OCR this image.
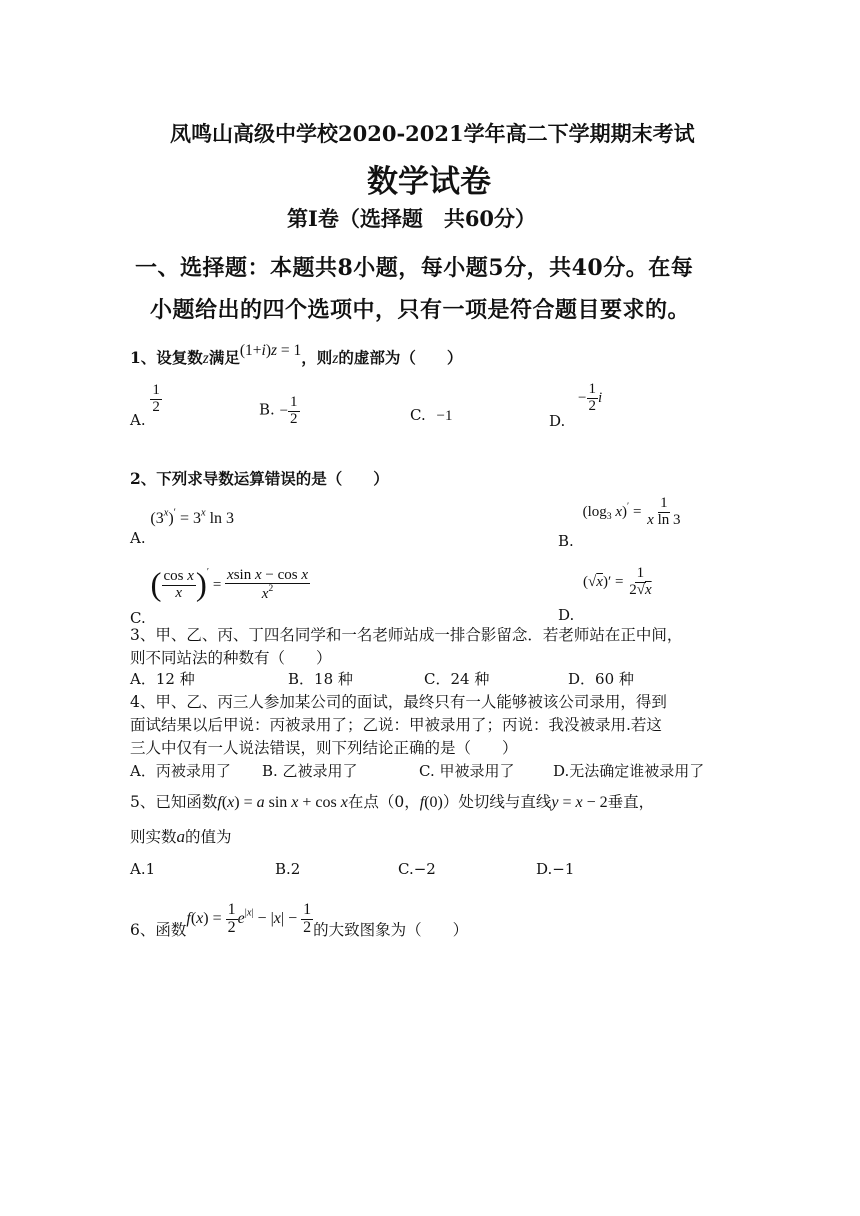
凤鸣山高级中学校2020-2021学年高二下学期期末考试
数学试卷
第Ⅰ卷（选择题　共60分）
一、选择题：本题共8小题，每小题5分，共40分。在每
小题给出的四个选项中，只有一项是符合题目要求的。
1、设复数z满足(1+i)z = 1，则z的虚部为（　　）
A.
$\frac{1}{2}$	B. − $\frac{1}{2}$	C. −1	D. − $\frac{1}{2}$ i
2、下列求导数运算错误的是（　　）
A. $(3^x)' = 3^x$ ln 3
B. ($\log_3$ $x)' = \frac{1}{\text{x ln 3}}$
C. ( $\frac{\text{cos x}}{x} )' = \frac{\text{xsin x − cos x}}{x^2}$
D. $(√x)' = \frac{1}{2√x}$
3、甲、乙、丙、丁四名同学和一名老师站成一排合影留念．若老师站在正中间，
则不同站法的种数有（　　）
A．12 种	B．18 种	C．24 种	D．60 种
4、甲、乙、丙三人参加某公司的面试，最终只有一人能够被该公司录用，得到
面试结果以后甲说：丙被录用了；乙说：甲被录用了；丙说：我没被录用.若这
三人中仅有一人说法错误，则下列结论正确的是（　　）
A．丙被录用了 B. 乙被录用了	C. 甲被录用了	D.无法确定谁被录用了
5、已知函数f(x) = a sin x + cos x在点（0，f(0)）处切线与直线y = x − 2垂直，
则实数a的值为
A.1	B.2	C.−2	D.−1
6、函数$f(x) = \frac{1}{2} e^{|x|} - |x| - \frac{1}{2}$ 的大致图象为（　　）
